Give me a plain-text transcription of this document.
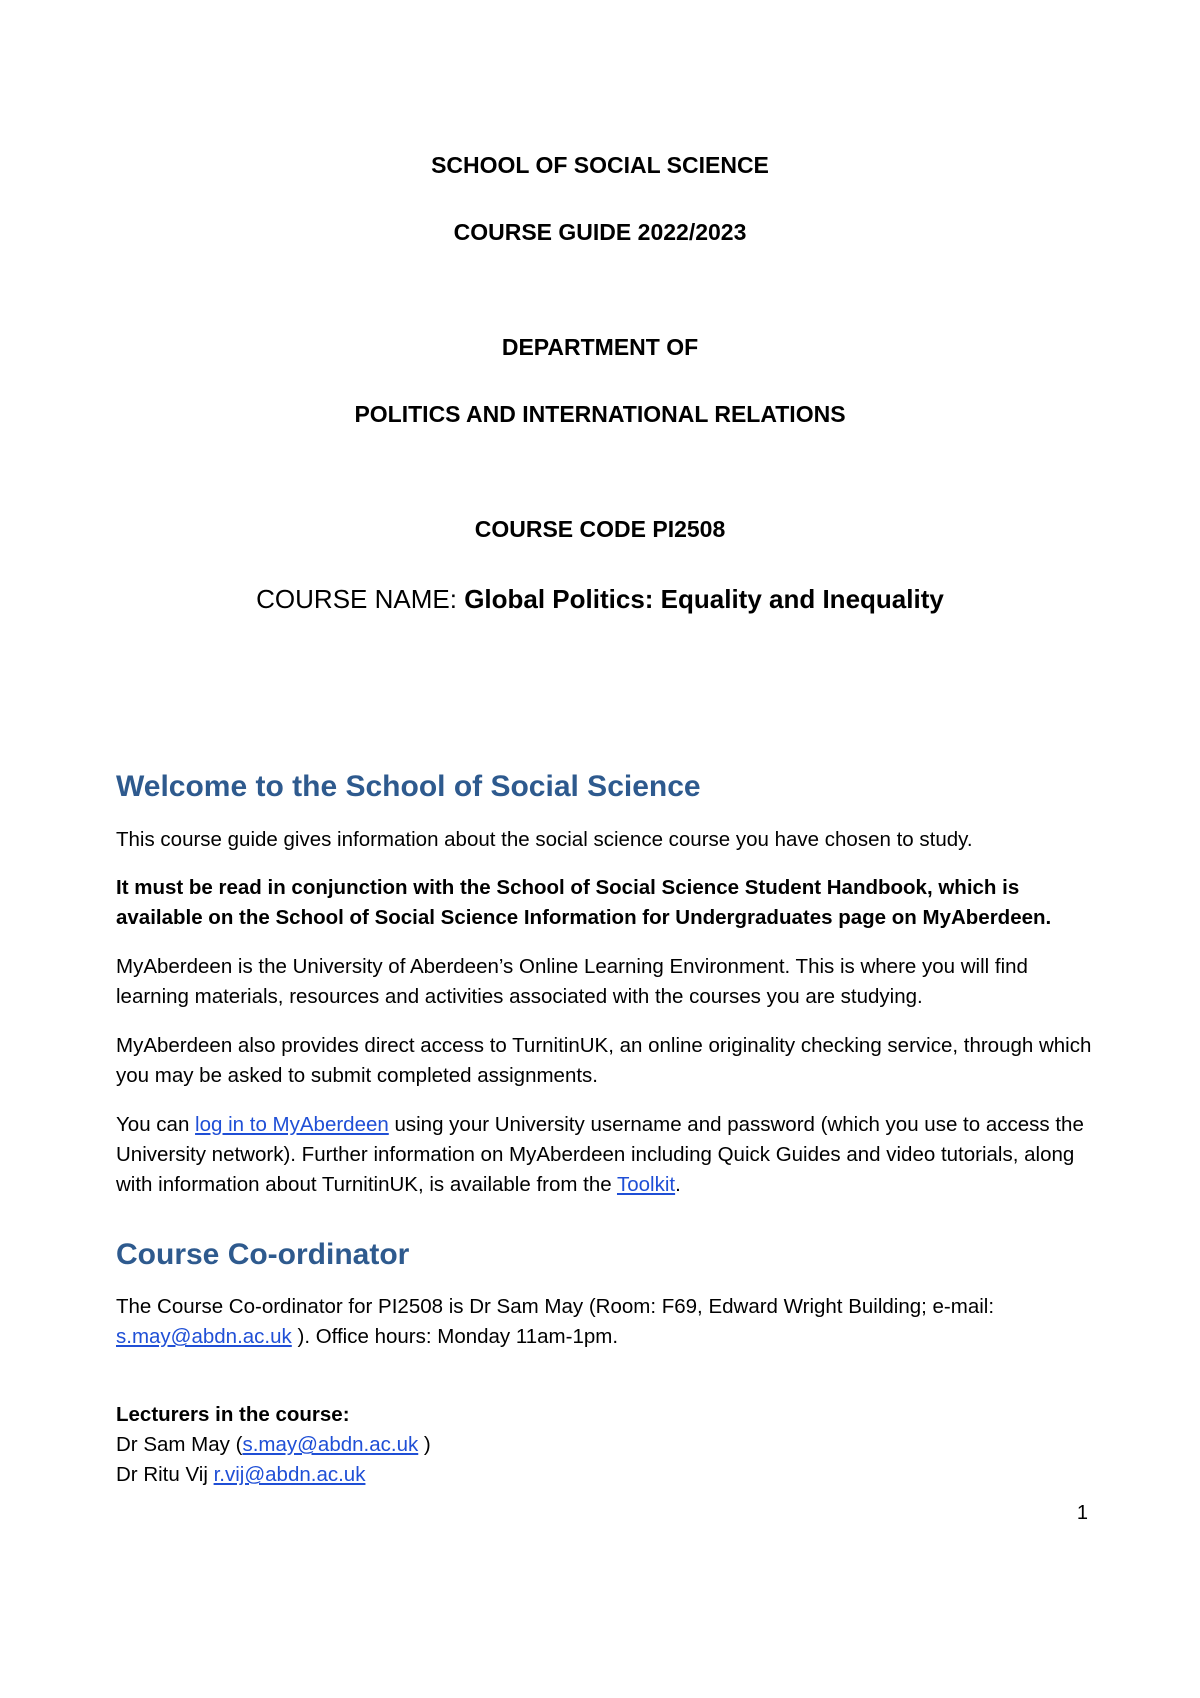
SCHOOL OF SOCIAL SCIENCE

COURSE GUIDE 2022/2023

DEPARTMENT OF

POLITICS AND INTERNATIONAL RELATIONS

COURSE CODE PI2508

COURSE NAME: Global Politics: Equality and Inequality

Welcome to the School of Social Science

This course guide gives information about the social science course you have chosen to study.

It must be read in conjunction with the School of Social Science Student Handbook, which is available on the School of Social Science Information for Undergraduates page on MyAberdeen.

MyAberdeen is the University of Aberdeen’s Online Learning Environment. This is where you will find learning materials, resources and activities associated with the courses you are studying.

MyAberdeen also provides direct access to TurnitinUK, an online originality checking service, through which you may be asked to submit completed assignments.

You can log in to MyAberdeen using your University username and password (which you use to access the University network). Further information on MyAberdeen including Quick Guides and video tutorials, along with information about TurnitinUK, is available from the Toolkit.

Course Co-ordinator

The Course Co-ordinator for PI2508 is Dr Sam May (Room: F69, Edward Wright Building; e-mail: s.may@abdn.ac.uk ). Office hours: Monday 11am-1pm.

Lecturers in the course:

Dr Sam May (s.may@abdn.ac.uk )

Dr Ritu Vij r.vij@abdn.ac.uk

1
